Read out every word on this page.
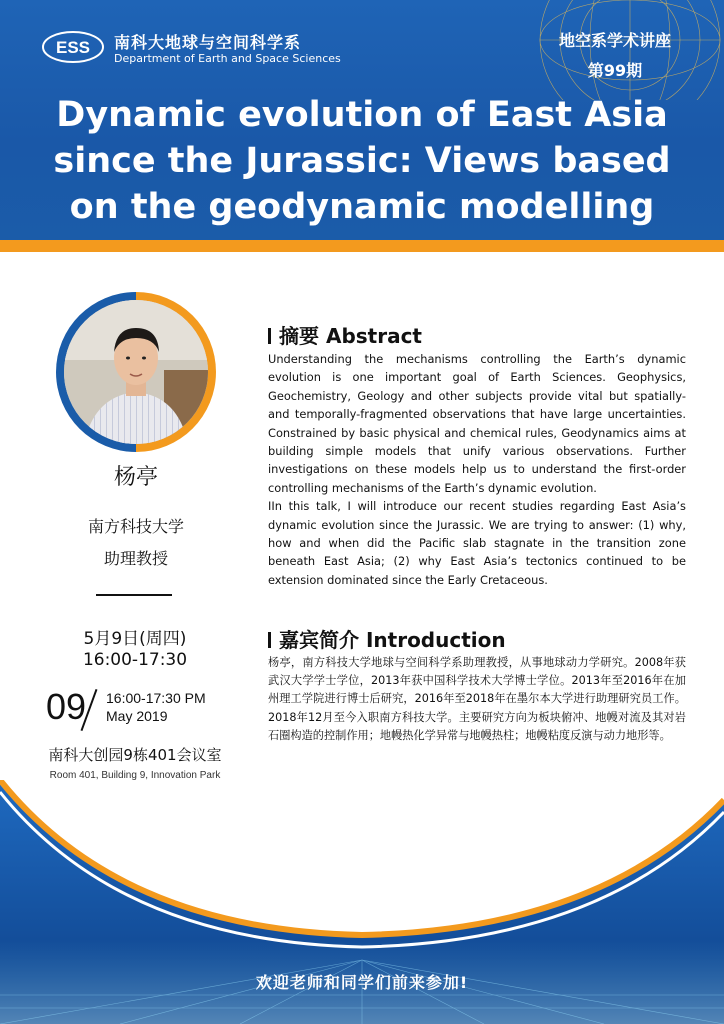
ESS 南科大地球与空间科学系
Department of Earth and Space Sciences
地空系学术讲座
第99期
Dynamic evolution of East Asia
since the Jurassic: Views based
on the geodynamic modelling
杨亭
南方科技大学
助理教授
5月9日(周四)
16:00-17:30
09 16:00-17:30 PM
May 2019
南科大创园9栋401会议室
Room 401, Building 9, Innovation Park
摘要 Abstract

Understanding the mechanisms controlling the Earth’s dynamic evolution is one important goal of Earth Sciences. Geophysics, Geochemistry, Geology and other subjects provide vital but spatially- and temporally-fragmented observations that have large uncertainties. Constrained by basic physical and chemical rules, Geodynamics aims at building simple models that unify various observations. Further investigations on these models help us to understand the first-order controlling mechanisms of the Earth’s dynamic evolution.

IIn this talk, I will introduce our recent studies regarding East Asia’s dynamic evolution since the Jurassic. We are trying to answer: (1) why, how and when did the Pacific slab stagnate in the transition zone beneath East Asia; (2) why East Asia’s tectonics continued to be extension dominated since the Early Cretaceous.

嘉宾简介 Introduction
杨亭，南方科技大学地球与空间科学系助理教授，从事地球动力学研究。2008年获武汉大学学士学位，2013年获中国科学技术大学博士学位。2013年至2016年在加州理工学院进行博士后研究，2016年至2018年在墨尔本大学进行助理研究员工作。2018年12月至今入职南方科技大学。主要研究方向为板块俯冲、地幔对流及其对岩石圈构造的控制作用；地幔热化学异常与地幔热柱；地幔粘度反演与动力地形等。
欢迎老师和同学们前来参加!
